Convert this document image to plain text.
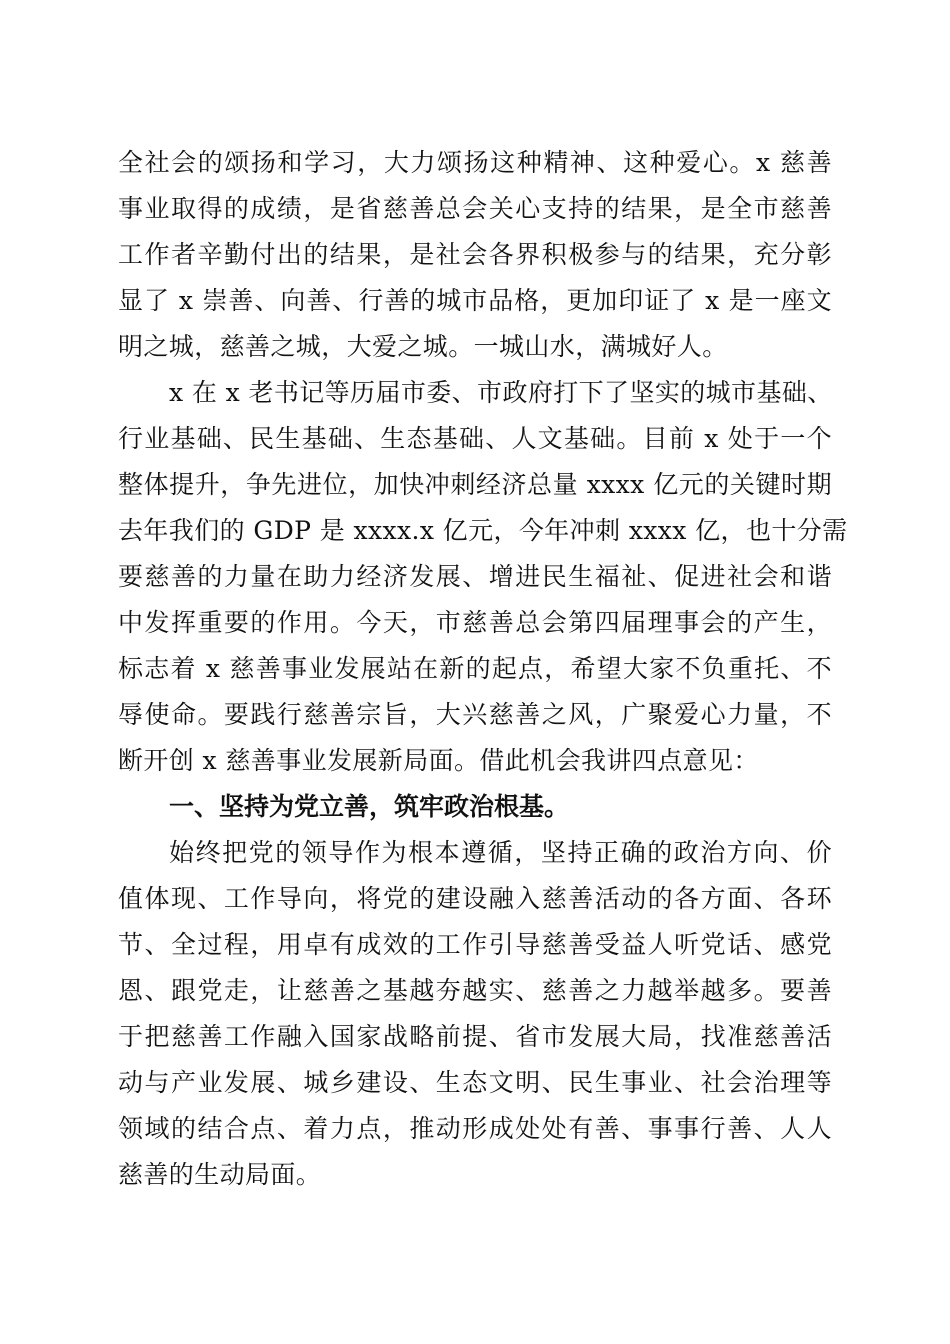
全社会的颂扬和学习，大力颂扬这种精神、这种爱心。x 慈善
事业取得的成绩，是省慈善总会关心支持的结果，是全市慈善
工作者辛勤付出的结果，是社会各界积极参与的结果，充分彰
显了 x 崇善、向善、行善的城市品格，更加印证了 x 是一座文
明之城，慈善之城，大爱之城。一城山水，满城好人。
x 在 x 老书记等历届市委、市政府打下了坚实的城市基础、
行业基础、民生基础、生态基础、人文基础。目前 x 处于一个
整体提升，争先进位，加快冲刺经济总量 xxxx 亿元的关键时期
去年我们的 GDP 是 xxxx.x 亿元，今年冲刺 xxxx 亿，也十分需
要慈善的力量在助力经济发展、增进民生福祉、促进社会和谐
中发挥重要的作用。今天，市慈善总会第四届理事会的产生，
标志着 x 慈善事业发展站在新的起点，希望大家不负重托、不
辱使命。要践行慈善宗旨，大兴慈善之风，广聚爱心力量，不
断开创 x 慈善事业发展新局面。借此机会我讲四点意见：
一、坚持为党立善，筑牢政治根基。
始终把党的领导作为根本遵循，坚持正确的政治方向、价
值体现、工作导向，将党的建设融入慈善活动的各方面、各环
节、全过程，用卓有成效的工作引导慈善受益人听党话、感党
恩、跟党走，让慈善之基越夯越实、慈善之力越举越多。要善
于把慈善工作融入国家战略前提、省市发展大局，找准慈善活
动与产业发展、城乡建设、生态文明、民生事业、社会治理等
领域的结合点、着力点，推动形成处处有善、事事行善、人人
慈善的生动局面。
